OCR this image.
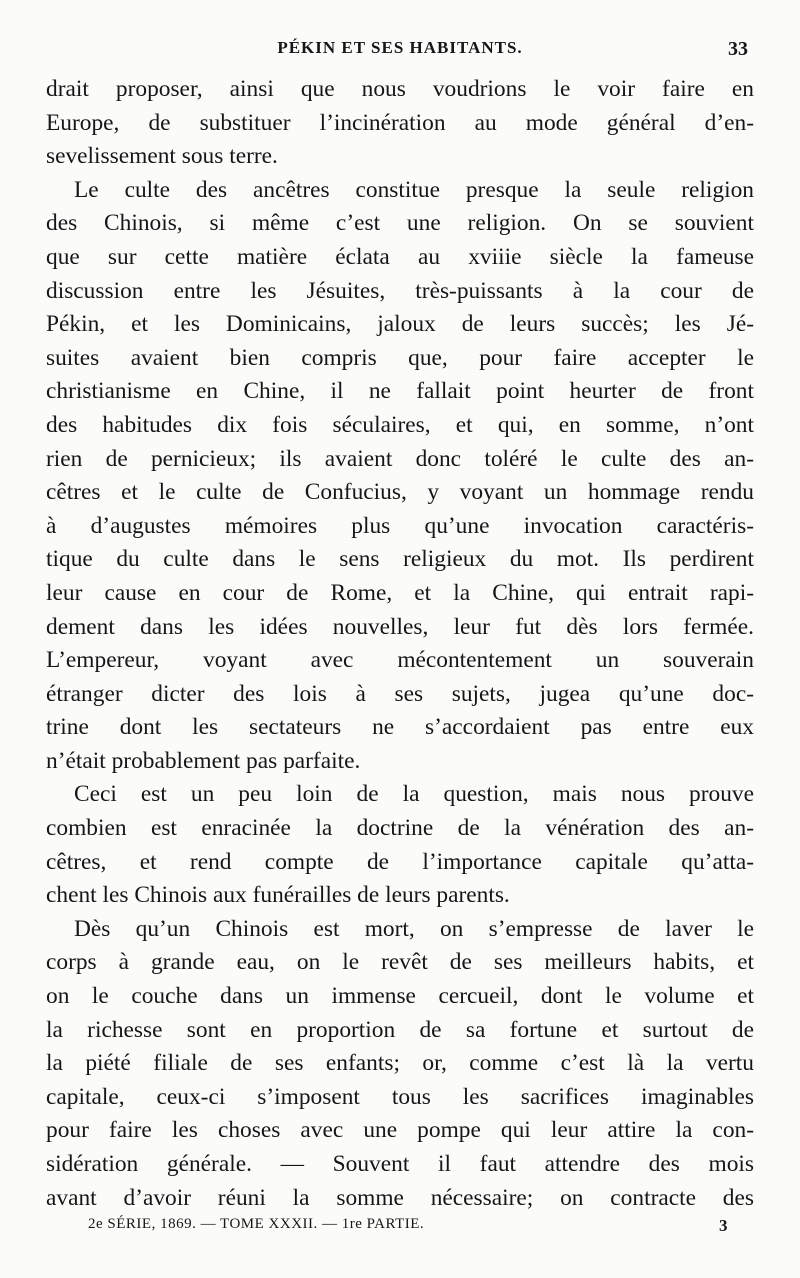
PÉKIN ET SES HABITANTS.	33
drait proposer, ainsi que nous voudrions le voir faire en
Europe, de substituer l’incinération au mode général d’en-
sevelissement sous terre.
Le culte des ancêtres constitue presque la seule religion
des Chinois, si même c’est une religion. On se souvient
que sur cette matière éclata au xviiie siècle la fameuse
discussion entre les Jésuites, très-puissants à la cour de
Pékin, et les Dominicains, jaloux de leurs succès; les Jé-
suites avaient bien compris que, pour faire accepter le
christianisme en Chine, il ne fallait point heurter de front
des habitudes dix fois séculaires, et qui, en somme, n’ont
rien de pernicieux; ils avaient donc toléré le culte des an-
cêtres et le culte de Confucius, y voyant un hommage rendu
à d’augustes mémoires plus qu’une invocation caractéris-
tique du culte dans le sens religieux du mot. Ils perdirent
leur cause en cour de Rome, et la Chine, qui entrait rapi-
dement dans les idées nouvelles, leur fut dès lors fermée.
L’empereur, voyant avec mécontentement un souverain
étranger dicter des lois à ses sujets, jugea qu’une doc-
trine dont les sectateurs ne s’accordaient pas entre eux
n’était probablement pas parfaite.
Ceci est un peu loin de la question, mais nous prouve
combien est enracinée la doctrine de la vénération des an-
cêtres, et rend compte de l’importance capitale qu’atta-
chent les Chinois aux funérailles de leurs parents.
Dès qu’un Chinois est mort, on s’empresse de laver le
corps à grande eau, on le revêt de ses meilleurs habits, et
on le couche dans un immense cercueil, dont le volume et
la richesse sont en proportion de sa fortune et surtout de
la piété filiale de ses enfants; or, comme c’est là la vertu
capitale, ceux-ci s’imposent tous les sacrifices imaginables
pour faire les choses avec une pompe qui leur attire la con-
sidération générale. — Souvent il faut attendre des mois
avant d’avoir réuni la somme nécessaire; on contracte des
2e SÉRIE, 1869. — TOME XXXII. — 1re PARTIE.	3
